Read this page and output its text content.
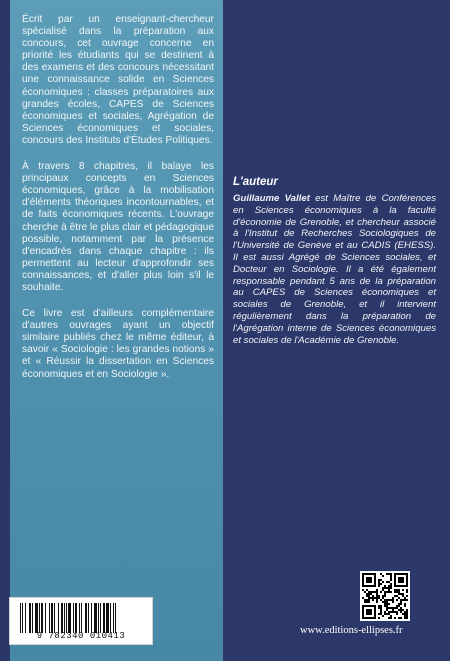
Écrit par un enseignant-chercheur spécialisé dans la préparation aux concours, cet ouvrage concerne en priorité les étudiants qui se destinent à des examens et des concours nécessitant une connaissance solide en Sciences économiques : classes préparatoires aux grandes écoles, CAPES de Sciences économiques et sociales, Agrégation de Sciences économiques et sociales, concours des Instituts d'Études Politiques.

À travers 8 chapitres, il balaye les principaux concepts en Sciences économiques, grâce à la mobilisation d'éléments théoriques incontournables, et de faits économiques récents. L'ouvrage cherche à être le plus clair et pédagogique possible, notamment par la présence d'encadrés dans chaque chapitre : ils permettent au lecteur d'approfondir ses connaissances, et d'aller plus loin s'il le souhaite.

Ce livre est d'ailleurs complémentaire d'autres ouvrages ayant un objectif similaire publiés chez le même éditeur, à savoir « Sociologie : les grandes notions » et « Réussir la dissertation en Sciences économiques et en Sociologie ».

L'auteur

Guillaume Vallet est Maître de Conférences en Sciences économiques à la faculté d'économie de Grenoble, et chercheur associé à l'Institut de Recherches Sociologiques de l'Université de Genève et au CADIS (EHESS). Il est aussi Agrégé de Sciences sociales, et Docteur en Sociologie. Il a été également responsable pendant 5 ans de la préparation au CAPES de Sciences économiques et sociales de Grenoble, et il intervient régulièrement dans la préparation de l'Agrégation interne de Sciences économiques et sociales de l'Académie de Grenoble.

9 782340 010413	www.editions-ellipses.fr
